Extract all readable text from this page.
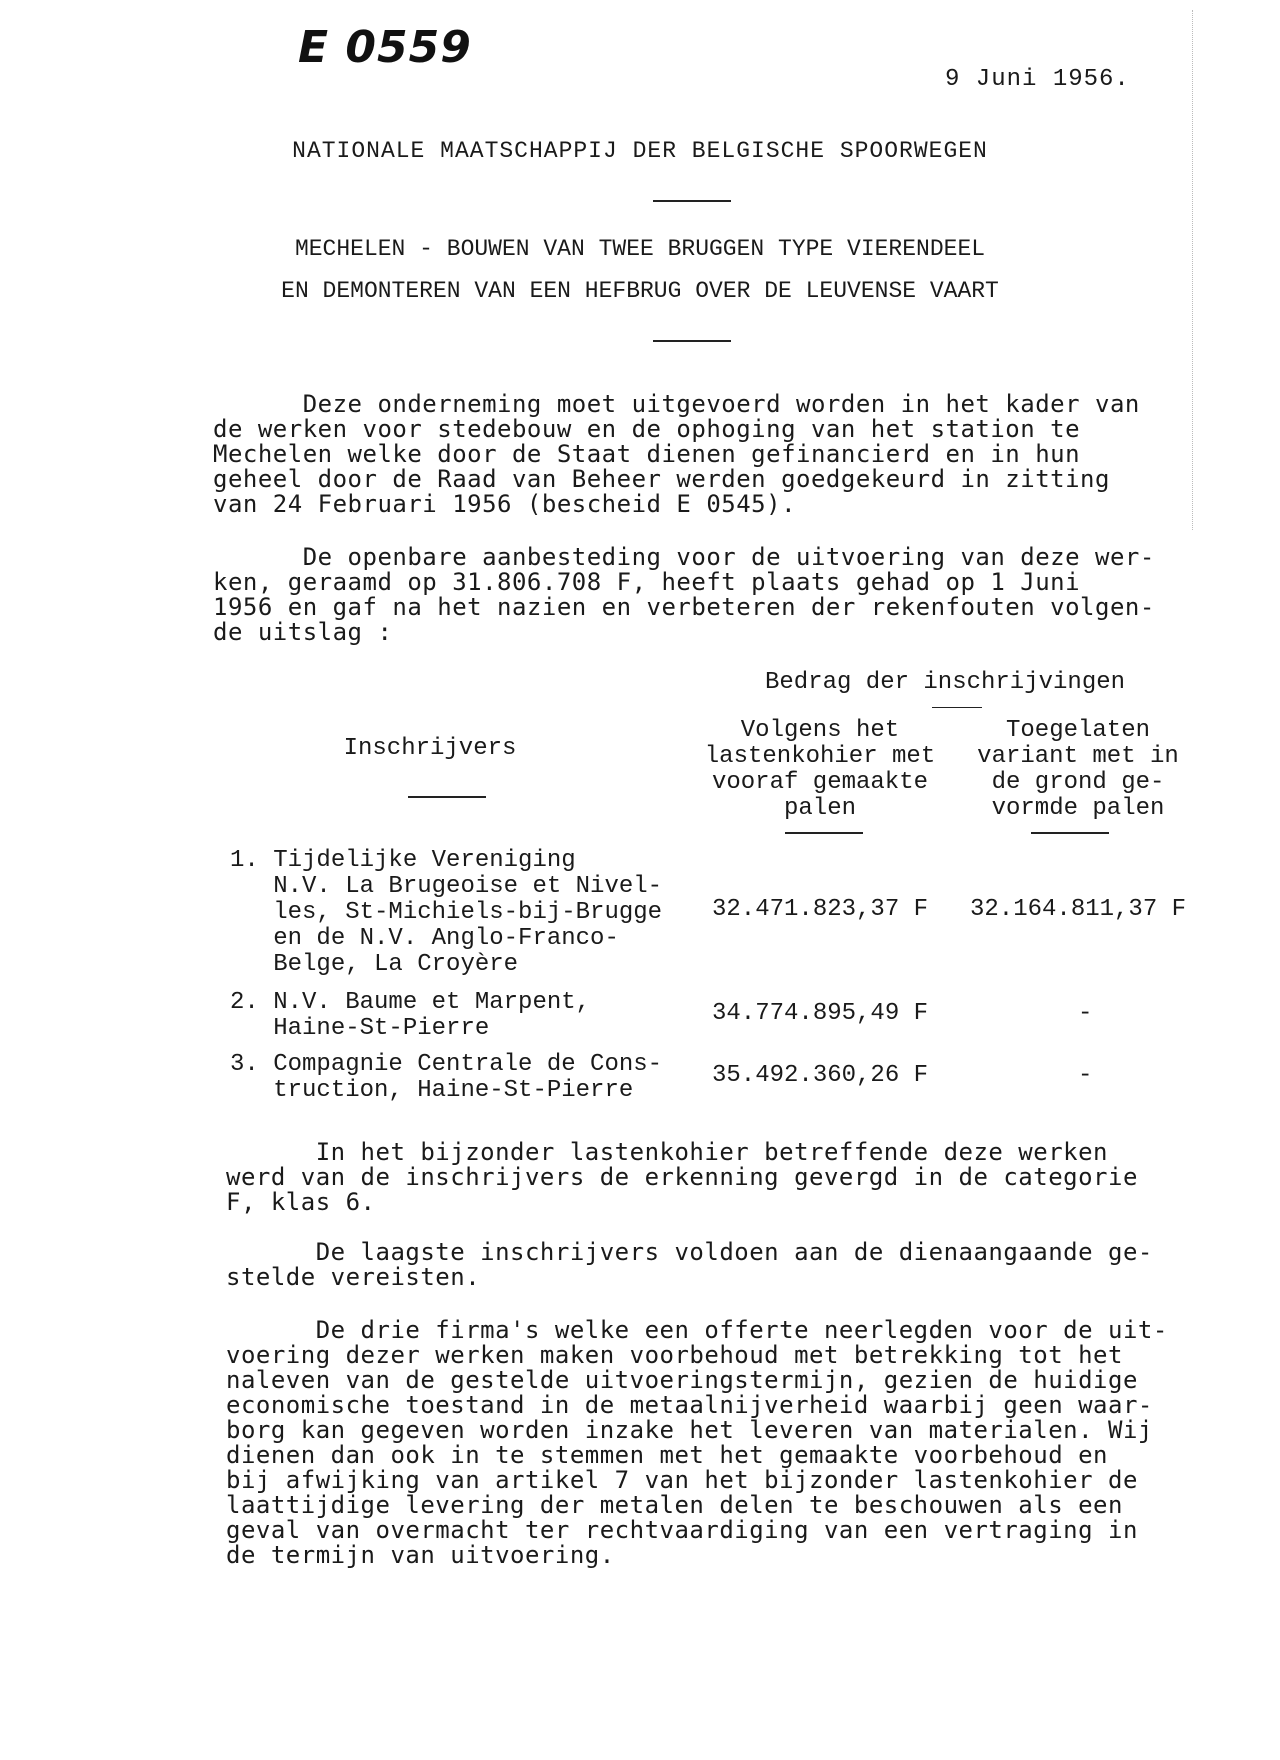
E 0559
9 Juni 1956.
NATIONALE MAATSCHAPPIJ DER BELGISCHE SPOORWEGEN
MECHELEN - BOUWEN VAN TWEE BRUGGEN TYPE VIERENDEEL
EN DEMONTEREN VAN EEN HEFBRUG OVER DE LEUVENSE VAART
Deze onderneming moet uitgevoerd worden in het kader van
de werken voor stedebouw en de ophoging van het station te
Mechelen welke door de Staat dienen gefinancierd en in hun
geheel door de Raad van Beheer werden goedgekeurd in zitting
van 24 Februari 1956 (bescheid E 0545).
De openbare aanbesteding voor de uitvoering van deze wer-
ken, geraamd op 31.806.708 F, heeft plaats gehad op 1 Juni
1956 en gaf na het nazien en verbeteren der rekenfouten volgen-
de uitslag :
Bedrag der inschrijvingen
Inschrijvers
Volgens het
lastenkohier met
vooraf gemaakte
palen
Toegelaten
variant met in
de grond ge-
vormde palen
1. Tijdelijke Vereniging
N.V. La Brugeoise et Nivel-
les, St-Michiels-bij-Brugge
en de N.V. Anglo-Franco-
Belge, La Croyère
32.471.823,37 F 32.164.811,37 F
2. N.V. Baume et Marpent,
Haine-St-Pierre
34.774.895,49 F	-
3. Compagnie Centrale de Cons-
truction, Haine-St-Pierre
35.492.360,26 F	-
In het bijzonder lastenkohier betreffende deze werken
werd van de inschrijvers de erkenning gevergd in de categorie
F, klas 6.
De laagste inschrijvers voldoen aan de dienaangaande ge-
stelde vereisten.
De drie firma's welke een offerte neerlegden voor de uit-
voering dezer werken maken voorbehoud met betrekking tot het
naleven van de gestelde uitvoeringstermijn, gezien de huidige
economische toestand in de metaalnijverheid waarbij geen waar-
borg kan gegeven worden inzake het leveren van materialen. Wij
dienen dan ook in te stemmen met het gemaakte voorbehoud en
bij afwijking van artikel 7 van het bijzonder lastenkohier de
laattijdige levering der metalen delen te beschouwen als een
geval van overmacht ter rechtvaardiging van een vertraging in
de termijn van uitvoering.
